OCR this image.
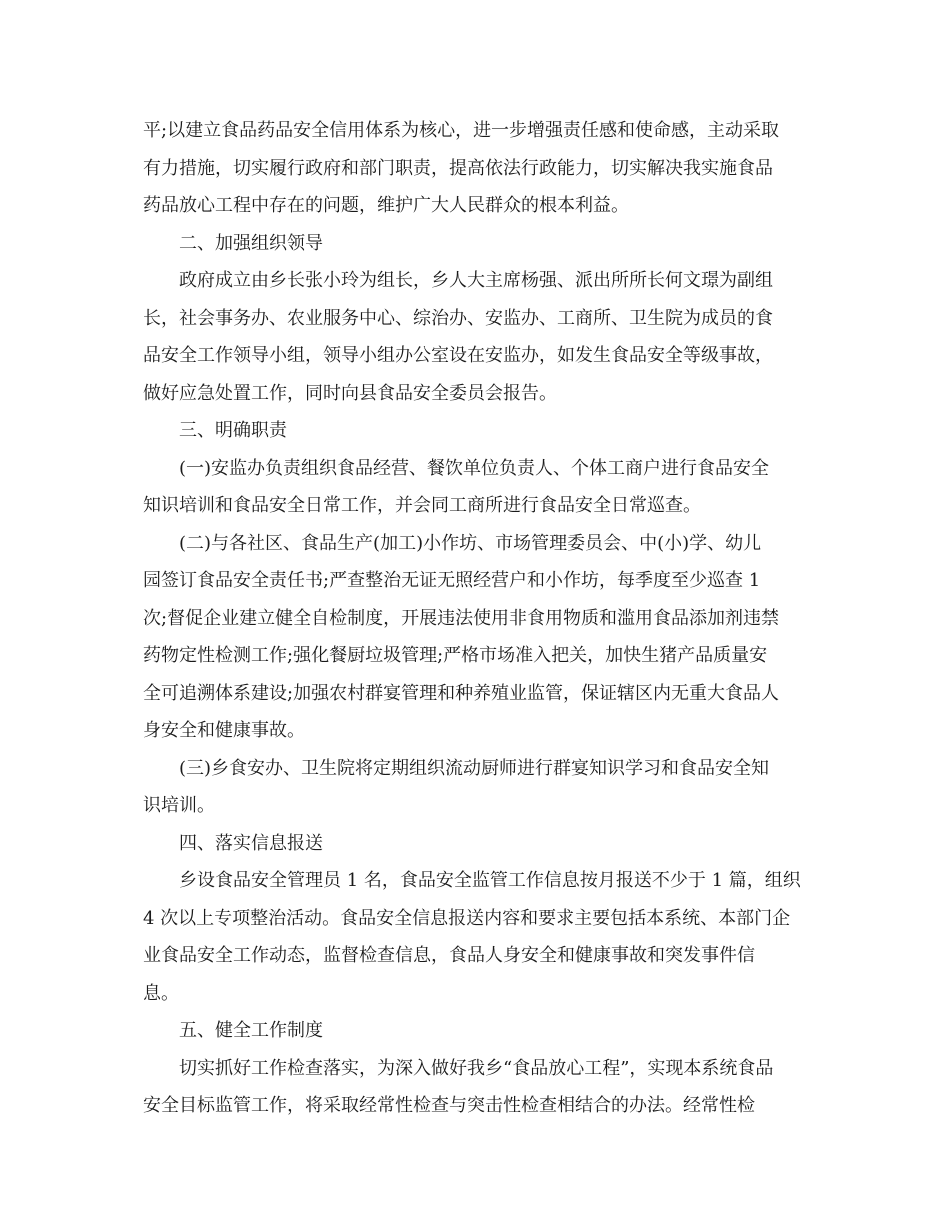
平;以建立食品药品安全信用体系为核心，进一步增强责任感和使命感，主动采取
有力措施，切实履行政府和部门职责，提高依法行政能力，切实解决我实施食品
药品放心工程中存在的问题，维护广大人民群众的根本利益。
二、加强组织领导
政府成立由乡长张小玲为组长，乡人大主席杨强、派出所所长何文璟为副组
长，社会事务办、农业服务中心、综治办、安监办、工商所、卫生院为成员的食
品安全工作领导小组，领导小组办公室设在安监办，如发生食品安全等级事故，
做好应急处置工作，同时向县食品安全委员会报告。
三、明确职责
(一)安监办负责组织食品经营、餐饮单位负责人、个体工商户进行食品安全
知识培训和食品安全日常工作，并会同工商所进行食品安全日常巡查。
(二)与各社区、食品生产(加工)小作坊、市场管理委员会、中(小)学、幼儿
园签订食品安全责任书;严查整治无证无照经营户和小作坊，每季度至少巡查 1
次;督促企业建立健全自检制度，开展违法使用非食用物质和滥用食品添加剂违禁
药物定性检测工作;强化餐厨垃圾管理;严格市场准入把关，加快生猪产品质量安
全可追溯体系建设;加强农村群宴管理和种养殖业监管，保证辖区内无重大食品人
身安全和健康事故。
(三)乡食安办、卫生院将定期组织流动厨师进行群宴知识学习和食品安全知
识培训。
四、落实信息报送
乡设食品安全管理员 1 名，食品安全监管工作信息按月报送不少于 1 篇，组织
4 次以上专项整治活动。食品安全信息报送内容和要求主要包括本系统、本部门企
业食品安全工作动态，监督检查信息，食品人身安全和健康事故和突发事件信
息。
五、健全工作制度
切实抓好工作检查落实，为深入做好我乡“食品放心工程”，实现本系统食品
安全目标监管工作，将采取经常性检查与突击性检查相结合的办法。经常性检
